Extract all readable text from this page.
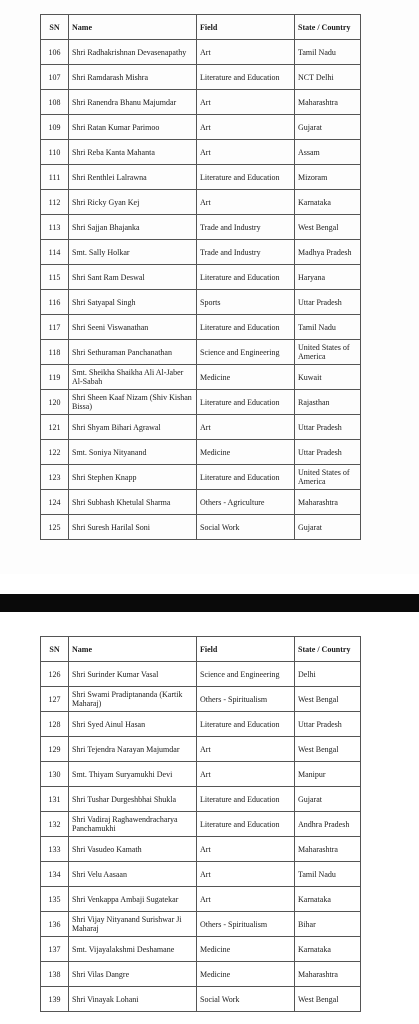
SN	Name	Field	State / Country
106	Shri Radhakrishnan Devasenapathy	Art	Tamil Nadu
107	Shri Ramdarash Mishra	Literature and Education	NCT Delhi
108	Shri Ranendra Bhanu Majumdar	Art	Maharashtra
109	Shri Ratan Kumar Parimoo	Art	Gujarat
110	Shri Reba Kanta Mahanta	Art	Assam
111	Shri Renthlei Lalrawna	Literature and Education	Mizoram
112	Shri Ricky Gyan Kej	Art	Karnataka
113	Shri Sajjan Bhajanka	Trade and Industry	West Bengal
114	Smt. Sally Holkar	Trade and Industry	Madhya Pradesh
115	Shri Sant Ram Deswal	Literature and Education	Haryana
116	Shri Satyapal Singh	Sports	Uttar Pradesh
117	Shri Seeni Viswanathan	Literature and Education	Tamil Nadu
118	Shri Sethuraman Panchanathan	Science and Engineering	United States of America
119	Smt. Sheikha Shaikha Ali Al-Jaber Al-Sabah	Medicine	Kuwait
120	Shri Sheen Kaaf Nizam (Shiv Kishan Bissa)	Literature and Education	Rajasthan
121	Shri Shyam Bihari Agrawal	Art	Uttar Pradesh
122	Smt. Soniya Nityanand	Medicine	Uttar Pradesh
123	Shri Stephen Knapp	Literature and Education	United States of America
124	Shri Subhash Khetulal Sharma	Others - Agriculture	Maharashtra
125	Shri Suresh Harilal Soni	Social Work	Gujarat
SN	Name	Field	State / Country
126	Shri Surinder Kumar Vasal	Science and Engineering	Delhi
127	Shri Swami Pradiptananda (Kartik Maharaj)	Others - Spiritualism	West Bengal
128	Shri Syed Ainul Hasan	Literature and Education	Uttar Pradesh
129	Shri Tejendra Narayan Majumdar	Art	West Bengal
130	Smt. Thiyam Suryamukhi Devi	Art	Manipur
131	Shri Tushar Durgeshbhai Shukla	Literature and Education	Gujarat
132	Shri Vadiraj Raghawendracharya Panchamukhi	Literature and Education	Andhra Pradesh
133	Shri Vasudeo Kamath	Art	Maharashtra
134	Shri Velu Aasaan	Art	Tamil Nadu
135	Shri Venkappa Ambaji Sugatekar	Art	Karnataka
136	Shri Vijay Nityanand Surishwar Ji Maharaj	Others - Spiritualism	Bihar
137	Smt. Vijayalakshmi Deshamane	Medicine	Karnataka
138	Shri Vilas Dangre	Medicine	Maharashtra
139	Shri Vinayak Lohani	Social Work	West Bengal
